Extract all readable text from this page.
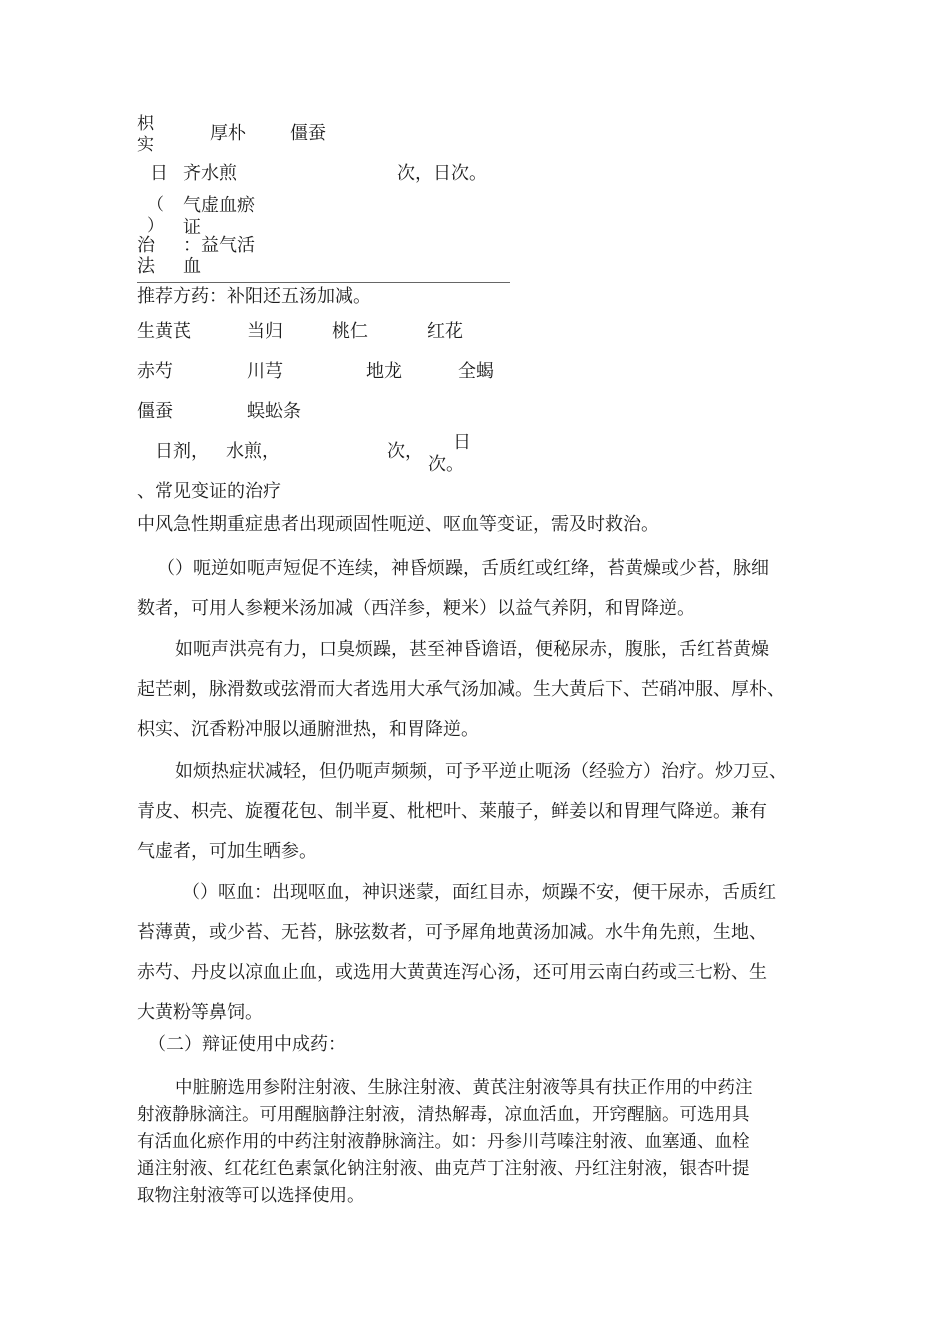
枳
实
厚朴 僵蚕
日 齐水煎	次，日次。
（
）
气虚血瘀
证
治
法
：益气活
血
推荐方药：补阳还五汤加减。
生黄芪	当归	桃仁	红花
赤芍	川芎	地龙	全蝎
僵蚕	蜈蚣条
日剂， 水煎，	次， 日
次。
、常见变证的治疗
中风急性期重症患者出现顽固性呃逆、呕血等变证，需及时救治。
（）呃逆如呃声短促不连续，神昏烦躁，舌质红或红绛，苔黄燥或少苔，脉细
数者，可用人参粳米汤加减（西洋参，粳米）以益气养阴，和胃降逆。
如呃声洪亮有力，口臭烦躁，甚至神昏谵语，便秘尿赤，腹胀，舌红苔黄燥
起芒刺，脉滑数或弦滑而大者选用大承气汤加减。生大黄后下、芒硝冲服、厚朴、
枳实、沉香粉冲服以通腑泄热，和胃降逆。
如烦热症状减轻，但仍呃声频频，可予平逆止呃汤（经验方）治疗。炒刀豆、
青皮、枳壳、旋覆花包、制半夏、枇杷叶、莱菔子，鲜姜以和胃理气降逆。兼有
气虚者，可加生晒参。
（）呕血：出现呕血，神识迷蒙，面红目赤，烦躁不安，便干尿赤，舌质红
苔薄黄，或少苔、无苔，脉弦数者，可予犀角地黄汤加减。水牛角先煎，生地、
赤芍、丹皮以凉血止血，或选用大黄黄连泻心汤，还可用云南白药或三七粉、生
大黄粉等鼻饲。
（二）辩证使用中成药：
中脏腑选用参附注射液、生脉注射液、黄芪注射液等具有扶正作用的中药注
射液静脉滴注。可用醒脑静注射液，清热解毒，凉血活血，开窍醒脑。可选用具
有活血化瘀作用的中药注射液静脉滴注。如：丹参川芎嗪注射液、血塞通、血栓
通注射液、红花红色素氯化钠注射液、曲克芦丁注射液、丹红注射液，银杏叶提
取物注射液等可以选择使用。
